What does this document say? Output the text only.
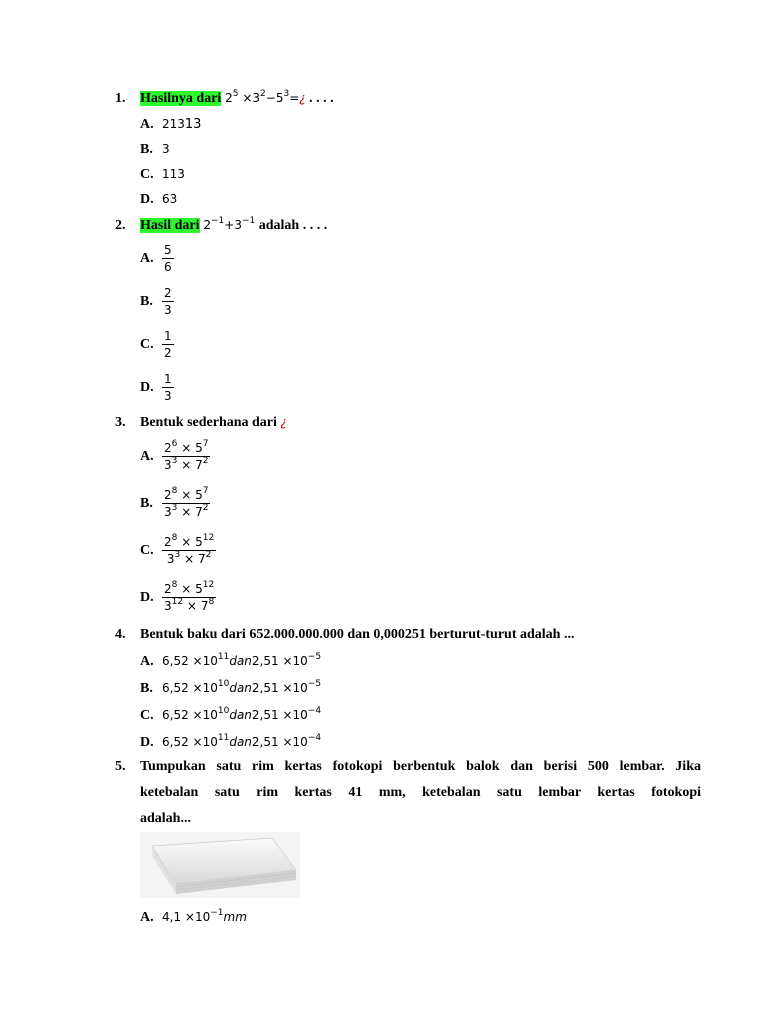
1. Hasilnya dari $2^5$ $\times 3^2-5^3=¿$ . . . .
A. 21313
B. 3
C. 113
D. 63
2. Hasil dari $2^{-1}+3^{-1}$ adalah . . . .
A. $\frac{5}{6}$
B. $\frac{2}{3}$
C. $\frac{1}{2}$
D. $\frac{1}{3}$
3. Bentuk sederhana dari ¿
A. $\frac{2^6 \times 5^7}{3^3 \times 7^2}$
B. $\frac{2^8 \times 5^7}{3^3 \times 7^2}$
C. $\frac{2^8 \times 5^{12}}{3^3 \times 7^2}$
D. $\frac{2^8 \times 5^{12}}{3^{12} \times 7^8}$
4. Bentuk baku dari 652.000.000.000 dan 0,000251 berturut-turut adalah ...
A. $6,52 \times 10^{11}dan2,51 \times 10^{-5}$
B. $6,52 \times 10^{10}dan2,51 \times 10^{-5}$
C. $6,52 \times 10^{10}dan2,51 \times 10^{-4}$
D. $6,52 \times 10^{11}dan2,51 \times 10^{-4}$
5.	Tumpukan satu rim kertas fotokopi berbentuk balok dan berisi 500 lembar. Jika
ketebalan satu rim kertas 41 mm, ketebalan satu lembar kertas fotokopi
adalah...
A. $4,1 \times 10^{-1}mm$
